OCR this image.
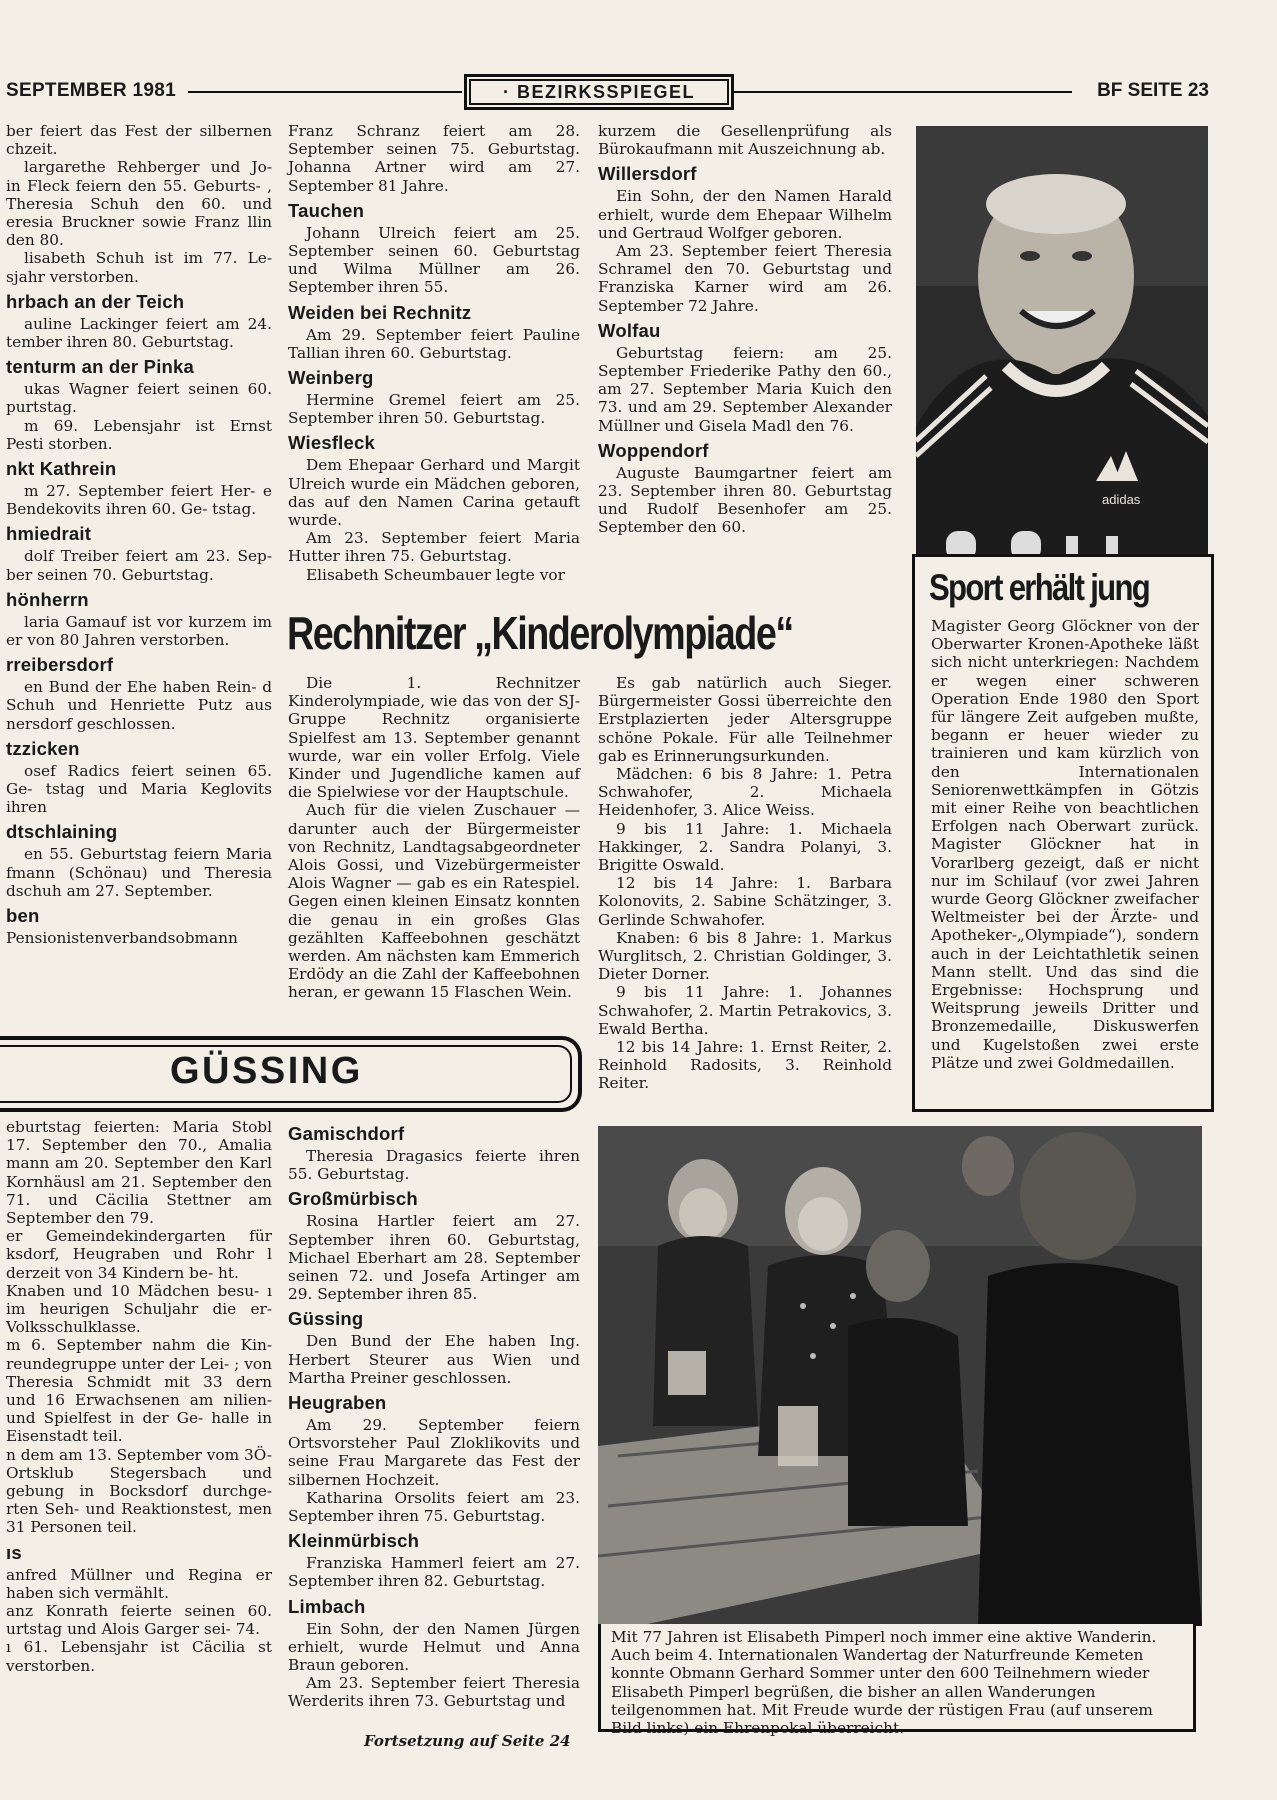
SEPTEMBER 1981	· BEZIRKSSPIEGEL	BF SEITE 23

ber feiert das Fest der silbernen chzeit.

largarethe Rehberger und Jo- in Fleck feiern den 55. Geburts- , Theresia Schuh den 60. und eresia Bruckner sowie Franz llin den 80.

lisabeth Schuh ist im 77. Le- sjahr verstorben.

hrbach an der Teich

auline Lackinger feiert am 24. tember ihren 80. Geburtstag.

tenturm an der Pinka

ukas Wagner feiert seinen 60. purtstag.

m 69. Lebensjahr ist Ernst Pesti storben.

nkt Kathrein

m 27. September feiert Her- e Bendekovits ihren 60. Ge- tstag.

hmiedrait

dolf Treiber feiert am 23. Sep- ber seinen 70. Geburtstag.

hönherrn

laria Gamauf ist vor kurzem im er von 80 Jahren verstorben.

rreibersdorf

en Bund der Ehe haben Rein- d Schuh und Henriette Putz aus nersdorf geschlossen.

tzzicken

osef Radics feiert seinen 65. Ge- tstag und Maria Keglovits ihren

dtschlaining

en 55. Geburtstag feiern Maria fmann (Schönau) und Theresia dschuh am 27. September.

ben

Pensionistenverbandsobmann

Franz Schranz feiert am 28. September seinen 75. Geburtstag. Johanna Artner wird am 27. September 81 Jahre.

Tauchen

Johann Ulreich feiert am 25. September seinen 60. Geburtstag und Wilma Müllner am 26. September ihren 55.

Weiden bei Rechnitz

Am 29. September feiert Pauline Tallian ihren 60. Geburtstag.

Weinberg

Hermine Gremel feiert am 25. September ihren 50. Geburtstag.

Wiesfleck

Dem Ehepaar Gerhard und Margit Ulreich wurde ein Mädchen geboren, das auf den Namen Carina getauft wurde.

Am 23. September feiert Maria Hutter ihren 75. Geburtstag.

Elisabeth Scheumbauer legte vor

kurzem die Gesellenprüfung als Bürokaufmann mit Auszeichnung ab.

Willersdorf

Ein Sohn, der den Namen Harald erhielt, wurde dem Ehepaar Wilhelm und Gertraud Wolfger geboren.

Am 23. September feiert Theresia Schramel den 70. Geburtstag und Franziska Karner wird am 26. September 72 Jahre.

Wolfau

Geburtstag feiern: am 25. September Friederike Pathy den 60., am 27. September Maria Kuich den 73. und am 29. September Alexander Müllner und Gisela Madl den 76.

Woppendorf

Auguste Baumgartner feiert am 23. September ihren 80. Geburtstag und Rudolf Besenhofer am 25. September den 60.

adidas
Sport erhält jung
Magister Georg Glöckner von der Oberwarter Kronen-Apotheke läßt sich nicht unterkriegen: Nachdem er wegen einer schweren Operation Ende 1980 den Sport für längere Zeit aufgeben mußte, begann er heuer wieder zu trainieren und kam kürzlich von den Internationalen Seniorenwettkämpfen in Götzis mit einer Reihe von beachtlichen Erfolgen nach Oberwart zurück. Magister Glöckner hat in Vorarlberg gezeigt, daß er nicht nur im Schilauf (vor zwei Jahren wurde Georg Glöckner zweifacher Weltmeister bei der Ärzte- und Apotheker-„Olympiade“), sondern auch in der Leichtathletik seinen Mann stellt. Und das sind die Ergebnisse: Hochsprung und Weitsprung jeweils Dritter und Bronzemedaille, Diskuswerfen und Kugelstoßen zwei erste Plätze und zwei Goldmedaillen.
Rechnitzer „Kinderolympiade“

Die 1. Rechnitzer Kinderolympiade, wie das von der SJ-Gruppe Rechnitz organisierte Spielfest am 13. September genannt wurde, war ein voller Erfolg. Viele Kinder und Jugendliche kamen auf die Spielwiese vor der Hauptschule.

Auch für die vielen Zuschauer — darunter auch der Bürgermeister von Rechnitz, Landtagsabgeordneter Alois Gossi, und Vizebürgermeister Alois Wagner — gab es ein Ratespiel. Gegen einen kleinen Einsatz konnten die genau in ein großes Glas gezählten Kaffeebohnen geschätzt werden. Am nächsten kam Emmerich Erdödy an die Zahl der Kaffeebohnen heran, er gewann 15 Flaschen Wein.

Es gab natürlich auch Sieger. Bürgermeister Gossi überreichte den Erstplazierten jeder Altersgruppe schöne Pokale. Für alle Teilnehmer gab es Erinnerungsurkunden.

Mädchen: 6 bis 8 Jahre: 1. Petra Schwahofer, 2. Michaela Heidenhofer, 3. Alice Weiss.

9 bis 11 Jahre: 1. Michaela Hakkinger, 2. Sandra Polanyi, 3. Brigitte Oswald.

12 bis 14 Jahre: 1. Barbara Kolonovits, 2. Sabine Schätzinger, 3. Gerlinde Schwahofer.

Knaben: 6 bis 8 Jahre: 1. Markus Wurglitsch, 2. Christian Goldinger, 3. Dieter Dorner.

9 bis 11 Jahre: 1. Johannes Schwahofer, 2. Martin Petrakovics, 3. Ewald Bertha.

12 bis 14 Jahre: 1. Ernst Reiter, 2. Reinhold Radosits, 3. Reinhold Reiter.

GÜSSING

eburtstag feierten: Maria Stobl 17. September den 70., Amalia mann am 20. September den Karl Kornhäusl am 21. September den 71. und Cäcilia Stettner am September den 79.

er Gemeindekindergarten für ksdorf, Heugraben und Rohr l derzeit von 34 Kindern be- ht.

Knaben und 10 Mädchen besu- ı im heurigen Schuljahr die er- Volksschulklasse.

m 6. September nahm die Kin- reundegruppe unter der Lei- ; von Theresia Schmidt mit 33 dern und 16 Erwachsenen am nilien- und Spielfest in der Ge- halle in Eisenstadt teil.

n dem am 13. September vom 3Ö-Ortsklub Stegersbach und gebung in Bocksdorf durchge- rten Seh- und Reaktionstest, men 31 Personen teil.

ıs

anfred Müllner und Regina er haben sich vermählt.

anz Konrath feierte seinen 60. urtstag und Alois Garger sei- 74.

ı 61. Lebensjahr ist Cäcilia st verstorben.

Gamischdorf

Theresia Dragasics feierte ihren 55. Geburtstag.

Großmürbisch

Rosina Hartler feiert am 27. September ihren 60. Geburtstag, Michael Eberhart am 28. September seinen 72. und Josefa Artinger am 29. September ihren 85.

Güssing

Den Bund der Ehe haben Ing. Herbert Steurer aus Wien und Martha Preiner geschlossen.

Heugraben

Am 29. September feiern Ortsvorsteher Paul Zloklikovits und seine Frau Margarete das Fest der silbernen Hochzeit.

Katharina Orsolits feiert am 23. September ihren 75. Geburtstag.

Kleinmürbisch

Franziska Hammerl feiert am 27. September ihren 82. Geburtstag.

Limbach

Ein Sohn, der den Namen Jürgen erhielt, wurde Helmut und Anna Braun geboren.

Am 23. September feiert Theresia Werderits ihren 73. Geburtstag und

Fortsetzung auf Seite 24
Mit 77 Jahren ist Elisabeth Pimperl noch immer eine aktive Wanderin. Auch beim 4. Internationalen Wandertag der Naturfreunde Kemeten konnte Obmann Gerhard Sommer unter den 600 Teilnehmern wieder Elisabeth Pimperl begrüßen, die bisher an allen Wanderungen teilgenommen hat. Mit Freude wurde der rüstigen Frau (auf unserem Bild links) ein Ehrenpokal überreicht.
